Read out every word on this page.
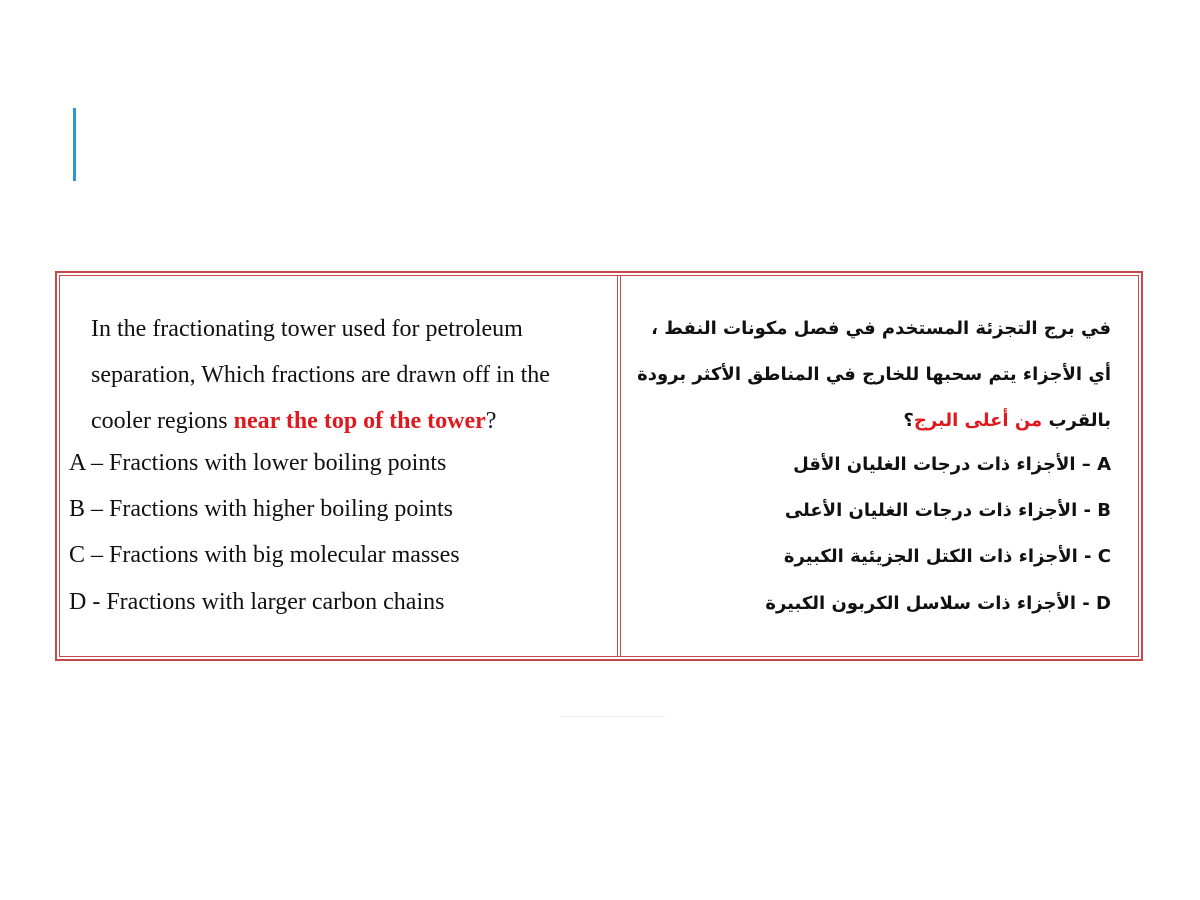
In the fractionating tower used for petroleum separation, Which fractions are drawn off in the cooler regions near the top of the tower?
A – Fractions with lower boiling points
B – Fractions with higher boiling points
C – Fractions with big molecular masses
D - Fractions with larger carbon chains
في برج التجزئة المستخدم في فصل مكونات النفط ، أي الأجزاء يتم سحبها للخارج في المناطق الأكثر برودة بالقرب من أعلى البرج؟
A – الأجزاء ذات درجات الغليان الأقل
B - الأجزاء ذات درجات الغليان الأعلى
C - الأجزاء ذات الكتل الجزيئية الكبيرة
D - الأجزاء ذات سلاسل الكربون الكبيرة
